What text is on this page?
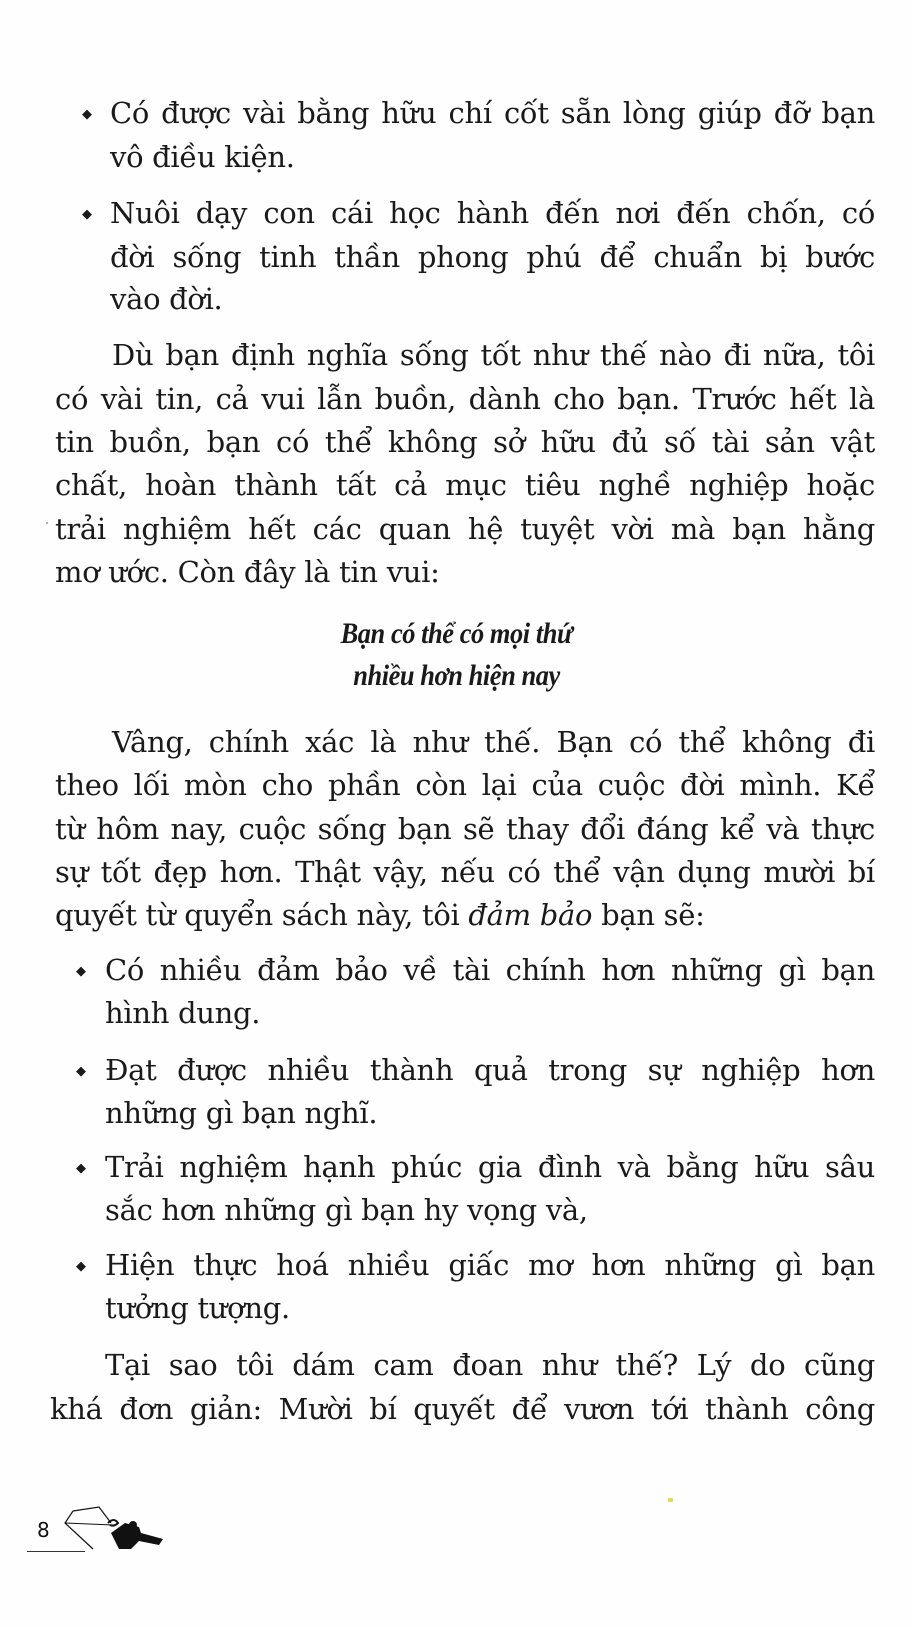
◆ Có được vài bằng hữu chí cốt sẵn lòng giúp đỡ bạn
vô điều kiện.
◆ Nuôi dạy con cái học hành đến nơi đến chốn, có
đời sống tinh thần phong phú để chuẩn bị bước
vào đời.
Dù bạn định nghĩa sống tốt như thế nào đi nữa, tôi
có vài tin, cả vui lẫn buồn, dành cho bạn. Trước hết là
tin buồn, bạn có thể không sở hữu đủ số tài sản vật
chất, hoàn thành tất cả mục tiêu nghề nghiệp hoặc
trải nghiệm hết các quan hệ tuyệt vời mà bạn hằng
mơ ước. Còn đây là tin vui:
Bạn có thể có mọi thứ
nhiều hơn hiện nay
Vâng, chính xác là như thế. Bạn có thể không đi
theo lối mòn cho phần còn lại của cuộc đời mình. Kể
từ hôm nay, cuộc sống bạn sẽ thay đổi đáng kể và thực
sự tốt đẹp hơn. Thật vậy, nếu có thể vận dụng mười bí
quyết từ quyển sách này, tôi đảm bảo bạn sẽ:
◆ Có nhiều đảm bảo về tài chính hơn những gì bạn
hình dung.
◆ Đạt được nhiều thành quả trong sự nghiệp hơn
những gì bạn nghĩ.
◆ Trải nghiệm hạnh phúc gia đình và bằng hữu sâu
sắc hơn những gì bạn hy vọng và,
◆ Hiện thực hoá nhiều giấc mơ hơn những gì bạn
tưởng tượng.
Tại sao tôi dám cam đoan như thế? Lý do cũng
khá đơn giản: Mười bí quyết để vươn tới thành công
8
